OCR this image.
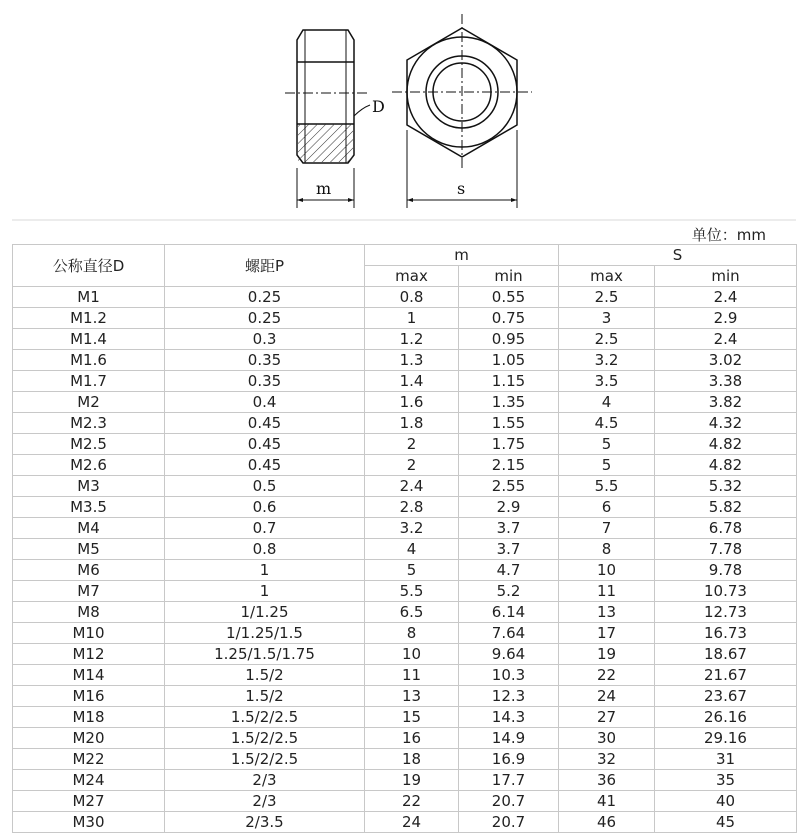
D
m	s
单位：mm
公称直径D	螺距P	m		S	
		max	min	max	min
M1	0.25	0.8	0.55	2.5	2.4
M1.2	0.25	1	0.75	3	2.9
M1.4	0.3	1.2	0.95	2.5	2.4
M1.6	0.35	1.3	1.05	3.2	3.02
M1.7	0.35	1.4	1.15	3.5	3.38
M2	0.4	1.6	1.35	4	3.82
M2.3	0.45	1.8	1.55	4.5	4.32
M2.5	0.45	2	1.75	5	4.82
M2.6	0.45	2	2.15	5	4.82
M3	0.5	2.4	2.55	5.5	5.32
M3.5	0.6	2.8	2.9	6	5.82
M4	0.7	3.2	3.7	7	6.78
M5	0.8	4	3.7	8	7.78
M6	1	5	4.7	10	9.78
M7	1	5.5	5.2	11	10.73
M8	1/1.25	6.5	6.14	13	12.73
M10	1/1.25/1.5	8	7.64	17	16.73
M12	1.25/1.5/1.75	10	9.64	19	18.67
M14	1.5/2	11	10.3	22	21.67
M16	1.5/2	13	12.3	24	23.67
M18	1.5/2/2.5	15	14.3	27	26.16
M20	1.5/2/2.5	16	14.9	30	29.16
M22	1.5/2/2.5	18	16.9	32	31
M24	2/3	19	17.7	36	35
M27	2/3	22	20.7	41	40
M30	2/3.5	24	20.7	46	45
